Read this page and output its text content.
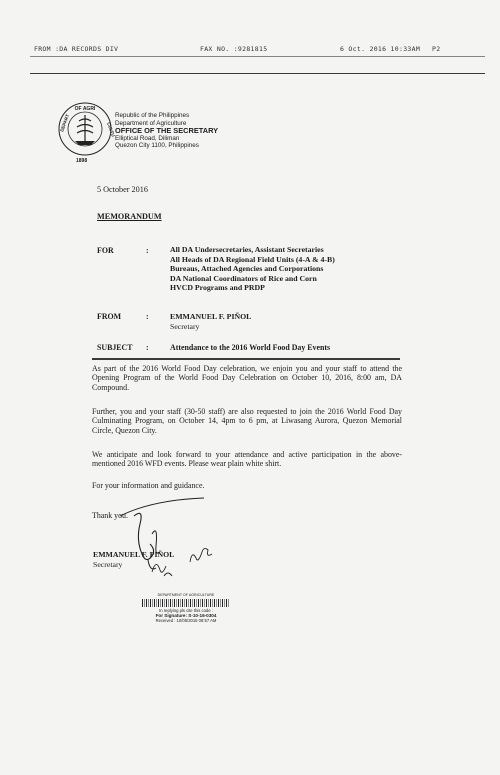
FROM :DA RECORDS DIV	FAX NO. :9281815	6 Oct. 2016 10:33AM P2
OF AGRI
DEPART	CULTU
1898
Republic of the Philippines
Department of Agriculture
OFFICE OF THE SECRETARY
Elliptical Road, Diliman
Quezon City 1100, Philippines
5 October 2016
MEMORANDUM
FOR	:	All DA Undersecretaries, Assistant Secretaries
All Heads of DA Regional Field Units (4-A & 4-B)
Bureaus, Attached Agencies and Corporations
DA National Coordinators of Rice and Corn
HVCD Programs and PRDP
FROM	:	EMMANUEL F. PIÑOL
Secretary
SUBJECT :	Attendance to the 2016 World Food Day Events
As part of the 2016 World Food Day celebration, we enjoin you and your staff to attend the Opening Program of the World Food Day Celebration on October 10, 2016, 8:00 am, DA Compound.
Further, you and your staff (30-50 staff) are also requested to join the 2016 World Food Day Culminating Program, on October 14, 4pm to 6 pm, at Liwasang Aurora, Quezon Memorial Circle, Quezon City.
We anticipate and look forward to your attendance and active participation in the above-mentioned 2016 WFD events. Please wear plain white shirt.
For your information and guidance.
Thank you.
EMMANUEL F. PIÑOL
Secretary
DEPARTMENT OF AGRICULTURE
In replying pls cite this code :
For Signature: S-10-16-0304
Received : 10/05/2016 08:57 AM
